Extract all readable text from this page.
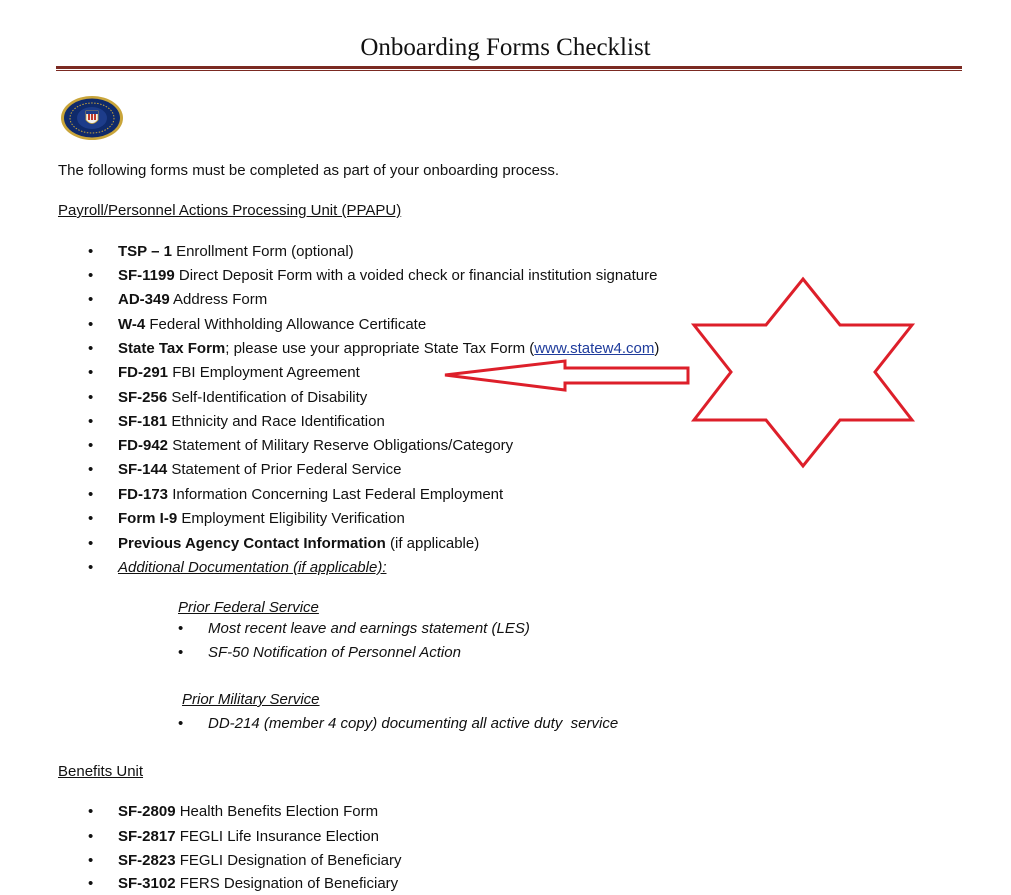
Onboarding Forms Checklist
The following forms must be completed as part of your onboarding process.
Payroll/Personnel Actions Processing Unit (PPAPU)
•	TSP – 1 Enrollment Form (optional)
•	SF-1199 Direct Deposit Form with a voided check or financial institution signature
•	AD-349 Address Form
•	W-4 Federal Withholding Allowance Certificate
•	State Tax Form; please use your appropriate State Tax Form (www.statew4.com)
•	FD-291 FBI Employment Agreement
•	SF-256 Self-Identification of Disability
•	SF-181 Ethnicity and Race Identification
•	FD-942 Statement of Military Reserve Obligations/Category
•	SF-144 Statement of Prior Federal Service
•	FD-173 Information Concerning Last Federal Employment
•	Form I-9 Employment Eligibility Verification
•	Previous Agency Contact Information (if applicable)
•	Additional Documentation (if applicable):
Prior Federal Service
•	Most recent leave and earnings statement (LES)
•	SF-50 Notification of Personnel Action
Prior Military Service
•	DD-214 (member 4 copy) documenting all active duty  service
Benefits Unit
•	SF-2809 Health Benefits Election Form
•	SF-2817 FEGLI Life Insurance Election
•	SF-2823 FEGLI Designation of Beneficiary
•	SF-3102 FERS Designation of Beneficiary
